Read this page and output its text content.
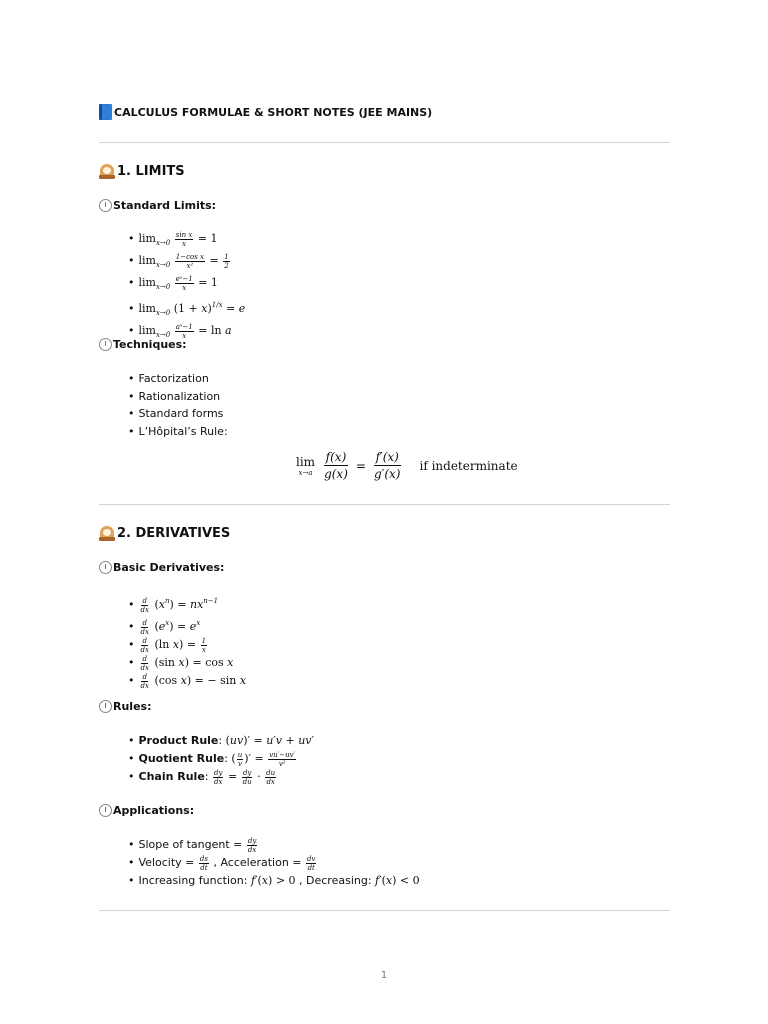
CALCULUS FORMULAE & SHORT NOTES (JEE MAINS)
1. LIMITS
Standard Limits:
• $\lim_{x\to 0} \frac{\text{sin x}}{x} = 1$
• $\lim_{x\to 0} \frac{\text{1−cos x}}{\text{x²}} = \frac{1}{2}$
• $\lim_{x\to 0} \frac{\text{eˣ−1}}{x} = 1$
• $\lim_{x\to 0} (1 + x)^{1/x} = e$
• $\lim_{x\to 0} \frac{\text{aˣ−1}}{x} = \ln a$
Techniques:
• Factorization
• Rationalization
• Standard forms
• L’Hôpital’s Rule:
lim
$x\to a \frac{f(x)}{g(x)} = \frac{f'(x)}{g'(x)}$ if indeterminate
2. DERIVATIVES
Basic Derivatives:
• $\frac{d}{dx} (x^n) = nx^{n-1}$
• $\frac{d}{dx} (e^x) = e^x$
• $\frac{d}{dx} (\ln$ $x) = \frac{1}{x}$
• $\frac{d}{dx} (\sin$ x) = cos x
• $\frac{d}{dx} (\cos$ x) = − sin x
Rules:
• Product Rule: (uv)′ = u′v + uv′
• Quotient Rule: ( $\frac{u}{v}$ )′ = $\frac{vu'-uv'}{\text{v²}}$
• Chain Rule: $\frac{dy}{dx} = \frac{dy}{du} \cdot \frac{du}{dx}$
Applications:
• Slope of tangent = $\frac{dy}{dx}$
• Velocity = $\frac{ds}{dt}$ , Acceleration = $\frac{dv}{dt}$
• Increasing function: f′(x) > 0 , Decreasing: f′(x) < 0
1
